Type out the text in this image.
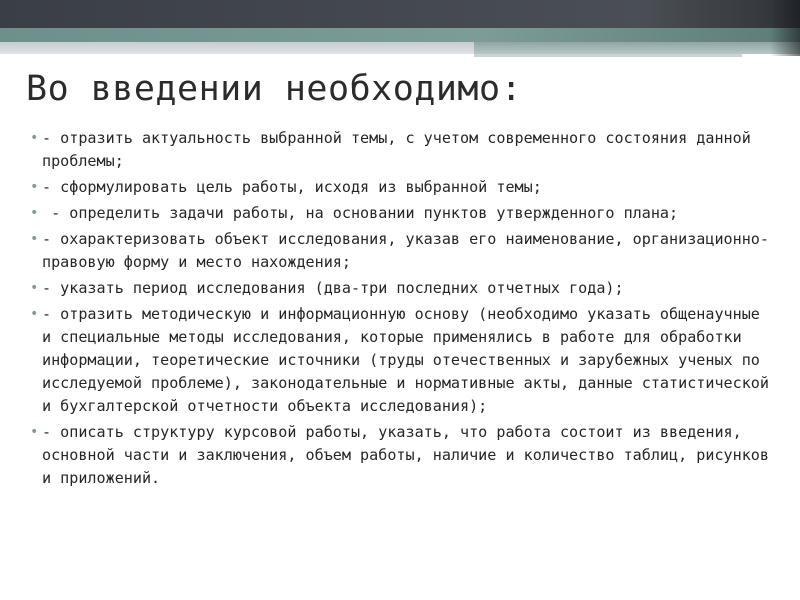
Во введении необходимо:
• - отразить актуальность выбранной темы, с учетом современного состояния данной проблемы;
• - сформулировать цель работы, исходя из выбранной темы;
• - определить задачи работы, на основании пунктов утвержденного плана;
• - охарактеризовать объект исследования, указав его наименование, организационно-правовую форму и место нахождения;
• - указать период исследования (два-три последних отчетных года);
• - отразить методическую и информационную основу (необходимо указать общенаучные и специальные методы исследования, которые применялись в работе для обработки информации, теоретические источники (труды отечественных и зарубежных ученых по исследуемой проблеме), законодательные и нормативные акты, данные статистической и бухгалтерской отчетности объекта исследования);
• - описать структуру курсовой работы, указать, что работа состоит из введения, основной части и заключения, объем работы, наличие и количество таблиц, рисунков и приложений.
